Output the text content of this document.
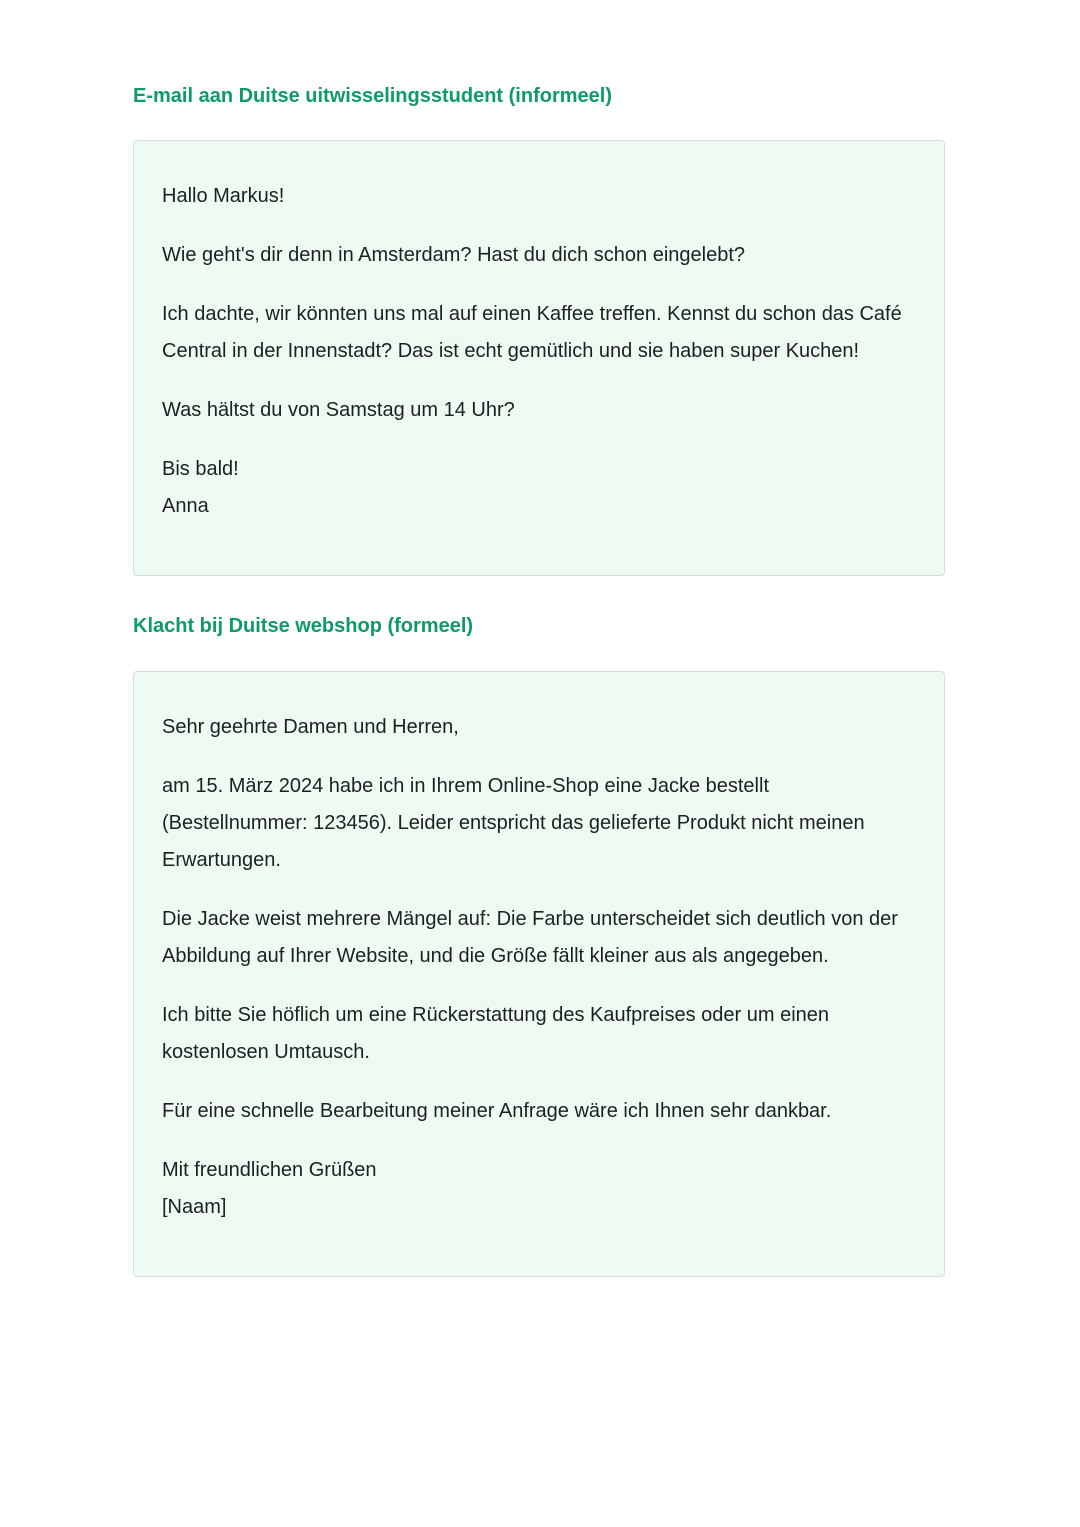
E-mail aan Duitse uitwisselingsstudent (informeel)

Hallo Markus!

Wie geht's dir denn in Amsterdam? Hast du dich schon eingelebt?

Ich dachte, wir könnten uns mal auf einen Kaffee treffen. Kennst du schon das Café
Central in der Innenstadt? Das ist echt gemütlich und sie haben super Kuchen!

Was hältst du von Samstag um 14 Uhr?

Bis bald!
Anna

Klacht bij Duitse webshop (formeel)

Sehr geehrte Damen und Herren,

am 15. März 2024 habe ich in Ihrem Online-Shop eine Jacke bestellt
(Bestellnummer: 123456). Leider entspricht das gelieferte Produkt nicht meinen
Erwartungen.

Die Jacke weist mehrere Mängel auf: Die Farbe unterscheidet sich deutlich von der
Abbildung auf Ihrer Website, und die Größe fällt kleiner aus als angegeben.

Ich bitte Sie höflich um eine Rückerstattung des Kaufpreises oder um einen
kostenlosen Umtausch.

Für eine schnelle Bearbeitung meiner Anfrage wäre ich Ihnen sehr dankbar.

Mit freundlichen Grüßen
[Naam]
